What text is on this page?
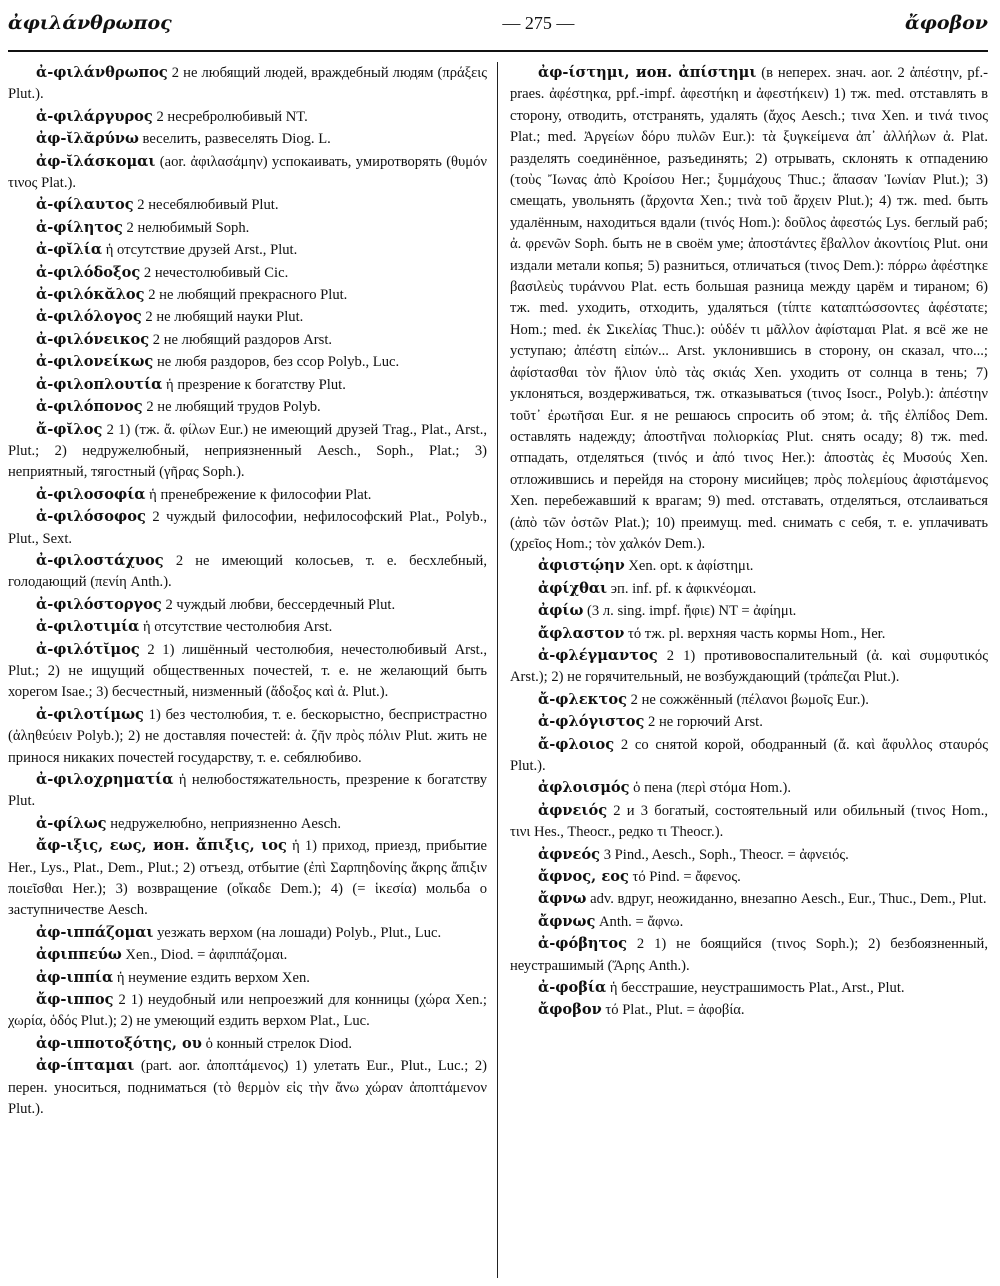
ἀφιλάνθρωπος	— 275 —	ἄφοβον

ἀ-φιλάνθρωπος 2 не любящий людей, враждебный людям (πράξεις Plut.).

ἀ-φιλάργυρος 2 несребролюбивый NT.

ἀφ-ῐλᾰρύνω веселить, развеселять Diog. L.

ἀφ-ῐλάσκομαι (aor. ἀφιλασάμην) успокаивать, умиротворять (θυμόν τινος Plat.).

ἀ-φίλαυτος 2 несебялюбивый Plut.

ἀ-φίλητος 2 нелюбимый Soph.

ἀ-φῐλία ἡ отсутствие друзей Arst., Plut.

ἀ-φιλόδοξος 2 нечестолюбивый Cic.

ἀ-φιλόκᾰλος 2 не любящий прекрасного Plut.

ἀ-φιλόλογος 2 не любящий науки Plut.

ἀ-φιλόνεικος 2 не любящий раздоров Arst.

ἀ-φιλονείκως не любя раздоров, без ссор Polyb., Luc.

ἀ-φιλοπλουτία ἡ презрение к богатству Plut.

ἀ-φιλόπονος 2 не любящий трудов Polyb.

ἄ-φῐλος 2 1) (тж. ἄ. φίλων Eur.) не имеющий друзей Trag., Plat., Arst., Plut.; 2) недружелюбный, неприязненный Aesch., Soph., Plat.; 3) неприятный, тягостный (γῆρας Soph.).

ἀ-φιλοσοφία ἡ пренебрежение к философии Plat.

ἀ-φιλόσοφος 2 чуждый философии, нефилософский Plat., Polyb., Plut., Sext.

ἀ-φιλοστάχυος 2 не имеющий колосьев, т. е. бесхлебный, голодающий (πενίη Anth.).

ἀ-φιλόστοργος 2 чуждый любви, бессердечный Plut.

ἀ-φιλοτιμία ἡ отсутствие честолюбия Arst.

ἀ-φιλότῐμος 2 1) лишённый честолюбия, нечестолюбивый Arst., Plut.; 2) не ищущий общественных почестей, т. е. не желающий быть хорегом Isae.; 3) бесчестный, низменный (ἄδοξος καὶ ἀ. Plut.).

ἀ-φιλοτίμως 1) без честолюбия, т. е. бескорыстно, беспристрастно (ἀληθεύειν Polyb.); 2) не доставляя почестей: ἀ. ζῆν πρὸς πόλιν Plut. жить не принося никаких почестей государству, т. е. себялюбиво.

ἀ-φιλοχρηματία ἡ нелюбостяжательность, презрение к богатству Plut.

ἀ-φίλως недружелюбно, неприязненно Aesch.

ἄφ-ιξις, εως, ион. ἄπιξις, ιος ἡ 1) приход, приезд, прибытие Her., Lys., Plat., Dem., Plut.; 2) отъезд, отбытие (ἐπὶ Σαρπηδονίης ἄκρης ἄπιξιν ποιεῖσθαι Her.); 3) возвращение (οἴκαδε Dem.); 4) (= ἱκεσία) мольба о заступничестве Aesch.

ἀφ-ιππάζομαι уезжать верхом (на лошади) Polyb., Plut., Luc.

ἀφιππεύω Xen., Diod. = ἀφιππάζομαι.

ἀφ-ιππία ἡ неумение ездить верхом Xen.

ἄφ-ιππος 2 1) неудобный или непроезжий для конницы (χώρα Xen.; χωρία, ὁδός Plut.); 2) не умеющий ездить верхом Plat., Luc.

ἀφ-ιπποτοξότης, ου ὁ конный стрелок Diod.

ἀφ-ίπταμαι (part. aor. ἀποπτάμενος) 1) улетать Eur., Plut., Luc.; 2) перен. уноситься, подниматься (τὸ θερμὸν εἰς τὴν ἄνω χώραν ἀποπτάμενον Plut.).

ἀφ-ίστημι, ион. ἀπίστημι (в неперех. знач. aor. 2 ἀπέστην, pf.-praes. ἀφέστηκα, ppf.-impf. ἀφεστήκη и ἀφεστήκειν) 1) тж. med. отставлять в сторону, отводить, отстранять, удалять (ἄχος Aesch.; τινα Xen. и τινά τινος Plat.; med. Ἀργείων δόρυ πυλῶν Eur.): τὰ ξυγκείμενα ἀπ᾽ ἀλλήλων ἀ. Plat. разделять соединённое, разъединять; 2) отрывать, склонять к отпадению (τοὺς Ἴωνας ἀπὸ Κροίσου Her.; ξυμμάχους Thuc.; ἅπασαν Ἰωνίαν Plut.); 3) смещать, увольнять (ἄρχοντα Xen.; τινὰ τοῦ ἄρχειν Plut.); 4) тж. med. быть удалённым, находиться вдали (τινός Hom.): δοῦλος ἀφεστώς Lys. беглый раб; ἀ. φρενῶν Soph. быть не в своём уме; ἀποστάντες ἔβαλλον ἀκοντίοις Plut. они издали метали копья; 5) разниться, отличаться (τινος Dem.): πόρρω ἀφέστηκε βασιλεὺς τυράννου Plat. есть большая разница между царём и тираном; 6) тж. med. уходить, отходить, удаляться (τίπτε καταπτώσσοντες ἀφέστατε; Hom.; med. ἐκ Σικελίας Thuc.): οὐδέν τι μᾶλλον ἀφίσταμαι Plat. я всё же не уступаю; ἀπέστη εἰπών... Arst. уклонившись в сторону, он сказал, что...; ἀφίστασθαι τὸν ἥλιον ὑπὸ τὰς σκιάς Xen. уходить от солнца в тень; 7) уклоняться, воздерживаться, тж. отказываться (τινος Isocr., Polyb.): ἀπέστην τοῦτ᾽ ἐρωτῆσαι Eur. я не решаюсь спросить об этом; ἀ. τῆς ἐλπίδος Dem. оставлять надежду; ἀποστῆναι πολιορκίας Plut. снять осаду; 8) тж. med. отпадать, отделяться (τινός и ἀπό τινος Her.): ἀποστὰς ἐς Μυσούς Xen. отложившись и перейдя на сторону мисийцев; πρὸς πολεμίους ἀφιστάμενος Xen. перебежавший к врагам; 9) med. отставать, отделяться, отслаиваться (ἀπὸ τῶν ὀστῶν Plat.); 10) преимущ. med. снимать с себя, т. е. уплачивать (χρεῖος Hom.; τὸν χαλκόν Dem.).

ἀφιστῴην Xen. opt. к ἀφίστημι.

ἀφίχθαι эп. inf. pf. к ἀφικνέομαι.

ἀφίω (3 л. sing. impf. ἤφιε) NT = ἀφίημι.

ἄφλαστον τό тж. pl. верхняя часть кормы Hom., Her.

ἀ-φλέγμαντος 2 1) противовоспалительный (ἀ. καὶ συμφυτικός Arst.); 2) не горячительный, не возбуждающий (τράπεζαι Plut.).

ἄ-φλεκτος 2 не сожжённый (πέλανοι βωμοῖς Eur.).

ἀ-φλόγιστος 2 не горючий Arst.

ἄ-φλοιος 2 со снятой корой, ободранный (ἄ. καὶ ἄφυλλος σταυρός Plut.).

ἀφλοισμός ὁ пена (περὶ στόμα Hom.).

ἀφνειός 2 и 3 богатый, состоятельный или обильный (τινος Hom., τινι Hes., Theocr., редко τι Theocr.).

ἀφνεός 3 Pind., Aesch., Soph., Theocr. = ἀφνειός.

ἄφνος, εος τό Pind. = ἄφενος.

ἄφνω adv. вдруг, неожиданно, внезапно Aesch., Eur., Thuc., Dem., Plut.

ἄφνως Anth. = ἄφνω.

ἀ-φόβητος 2 1) не боящийся (τινος Soph.); 2) безбоязненный, неустрашимый (Ἄρης Anth.).

ἀ-φοβία ἡ бесстрашие, неустрашимость Plat., Arst., Plut.

ἄφοβον τό Plat., Plut. = ἀφοβία.
